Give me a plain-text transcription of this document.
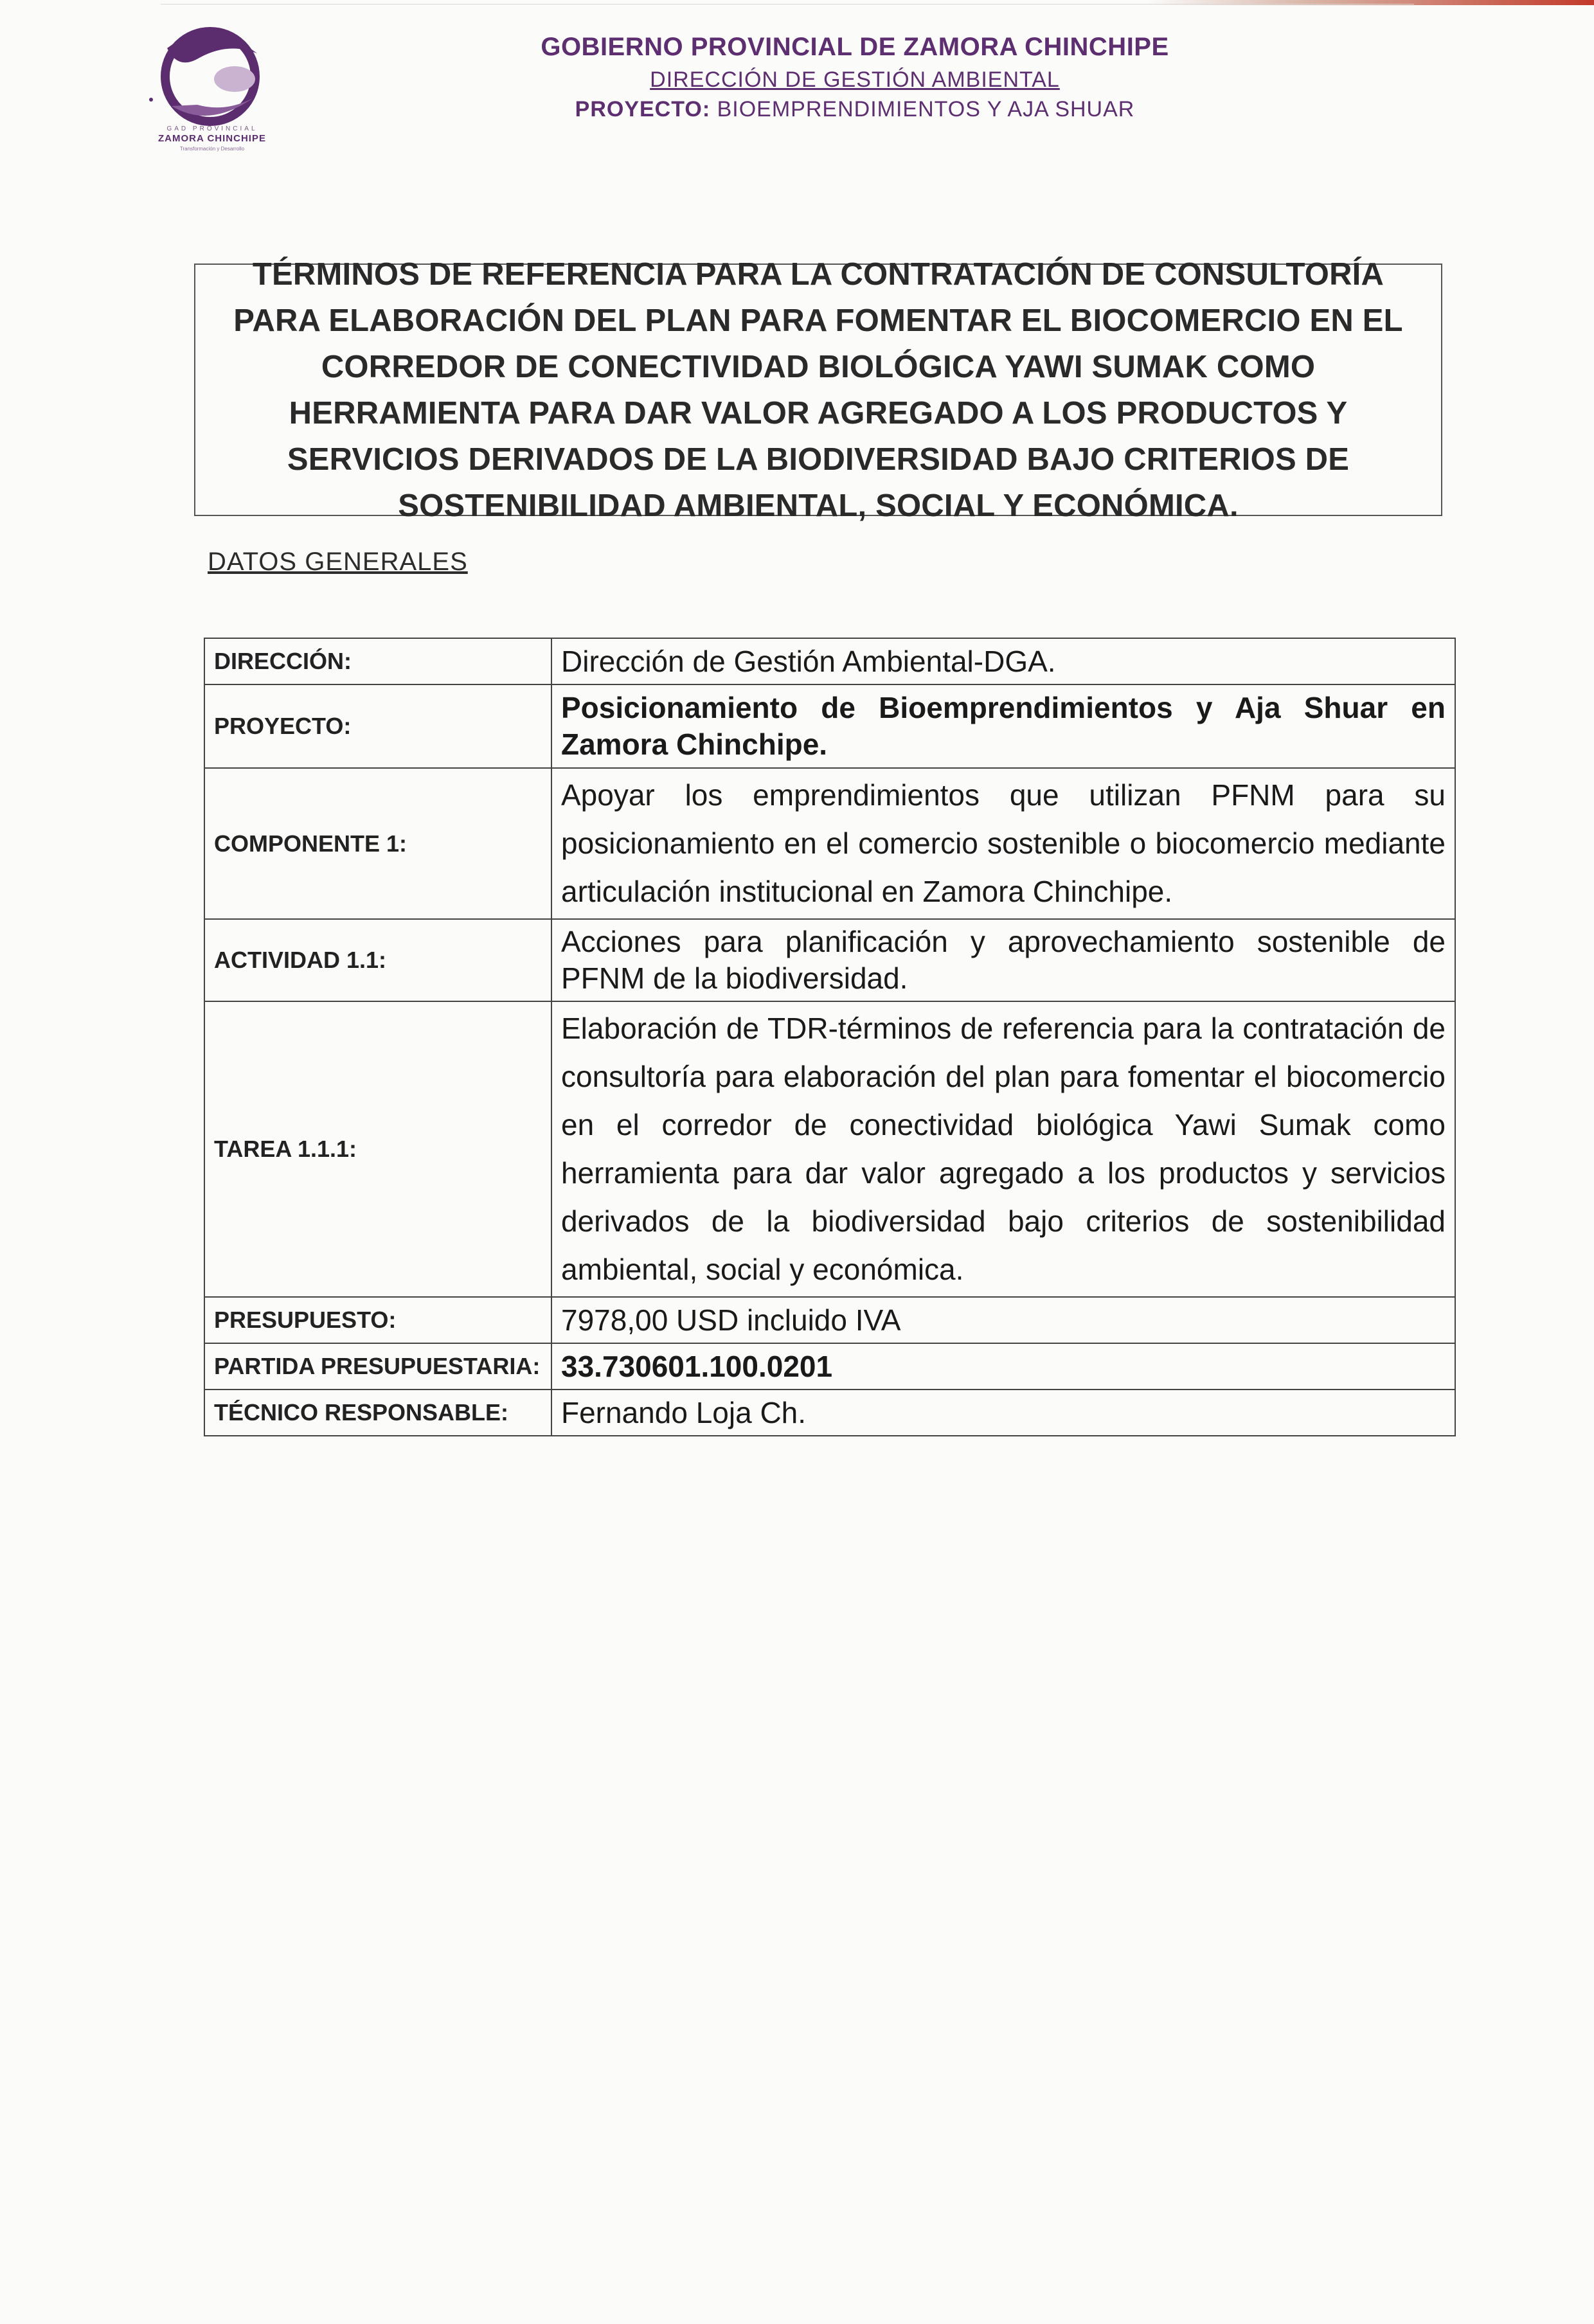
GAD PROVINCIAL
ZAMORA CHINCHIPE
Transformación y Desarrollo
GOBIERNO PROVINCIAL DE ZAMORA CHINCHIPE
DIRECCIÓN DE GESTIÓN AMBIENTAL
PROYECTO: BIOEMPRENDIMIENTOS Y AJA SHUAR

TÉRMINOS DE REFERENCIA PARA LA CONTRATACIÓN DE CONSULTORÍA PARA ELABORACIÓN DEL PLAN PARA FOMENTAR EL BIOCOMERCIO EN EL CORREDOR DE CONECTIVIDAD BIOLÓGICA YAWI SUMAK COMO HERRAMIENTA PARA DAR VALOR AGREGADO A LOS PRODUCTOS Y SERVICIOS DERIVADOS DE LA BIODIVERSIDAD BAJO CRITERIOS DE SOSTENIBILIDAD AMBIENTAL, SOCIAL Y ECONÓMICA.

DATOS GENERALES
DIRECCIÓN:	Dirección de Gestión Ambiental-DGA.
PROYECTO:	Posicionamiento de Bioemprendimientos y Aja Shuar en Zamora Chinchipe.
COMPONENTE 1:	Apoyar los emprendimientos que utilizan PFNM para su posicionamiento en el comercio sostenible o biocomercio mediante articulación institucional en Zamora Chinchipe.
ACTIVIDAD 1.1:	Acciones para planificación y aprovechamiento sostenible de PFNM de la biodiversidad.
TAREA 1.1.1:	Elaboración de TDR-términos de referencia para la contratación de consultoría para elaboración del plan para fomentar el biocomercio en el corredor de conectividad biológica Yawi Sumak como herramienta para dar valor agregado a los productos y servicios derivados de la biodiversidad bajo criterios de sostenibilidad ambiental, social y económica.
PRESUPUESTO:	7978,00 USD incluido IVA
PARTIDA PRESUPUESTARIA:	33.730601.100.0201
TÉCNICO RESPONSABLE:	Fernando Loja Ch.
